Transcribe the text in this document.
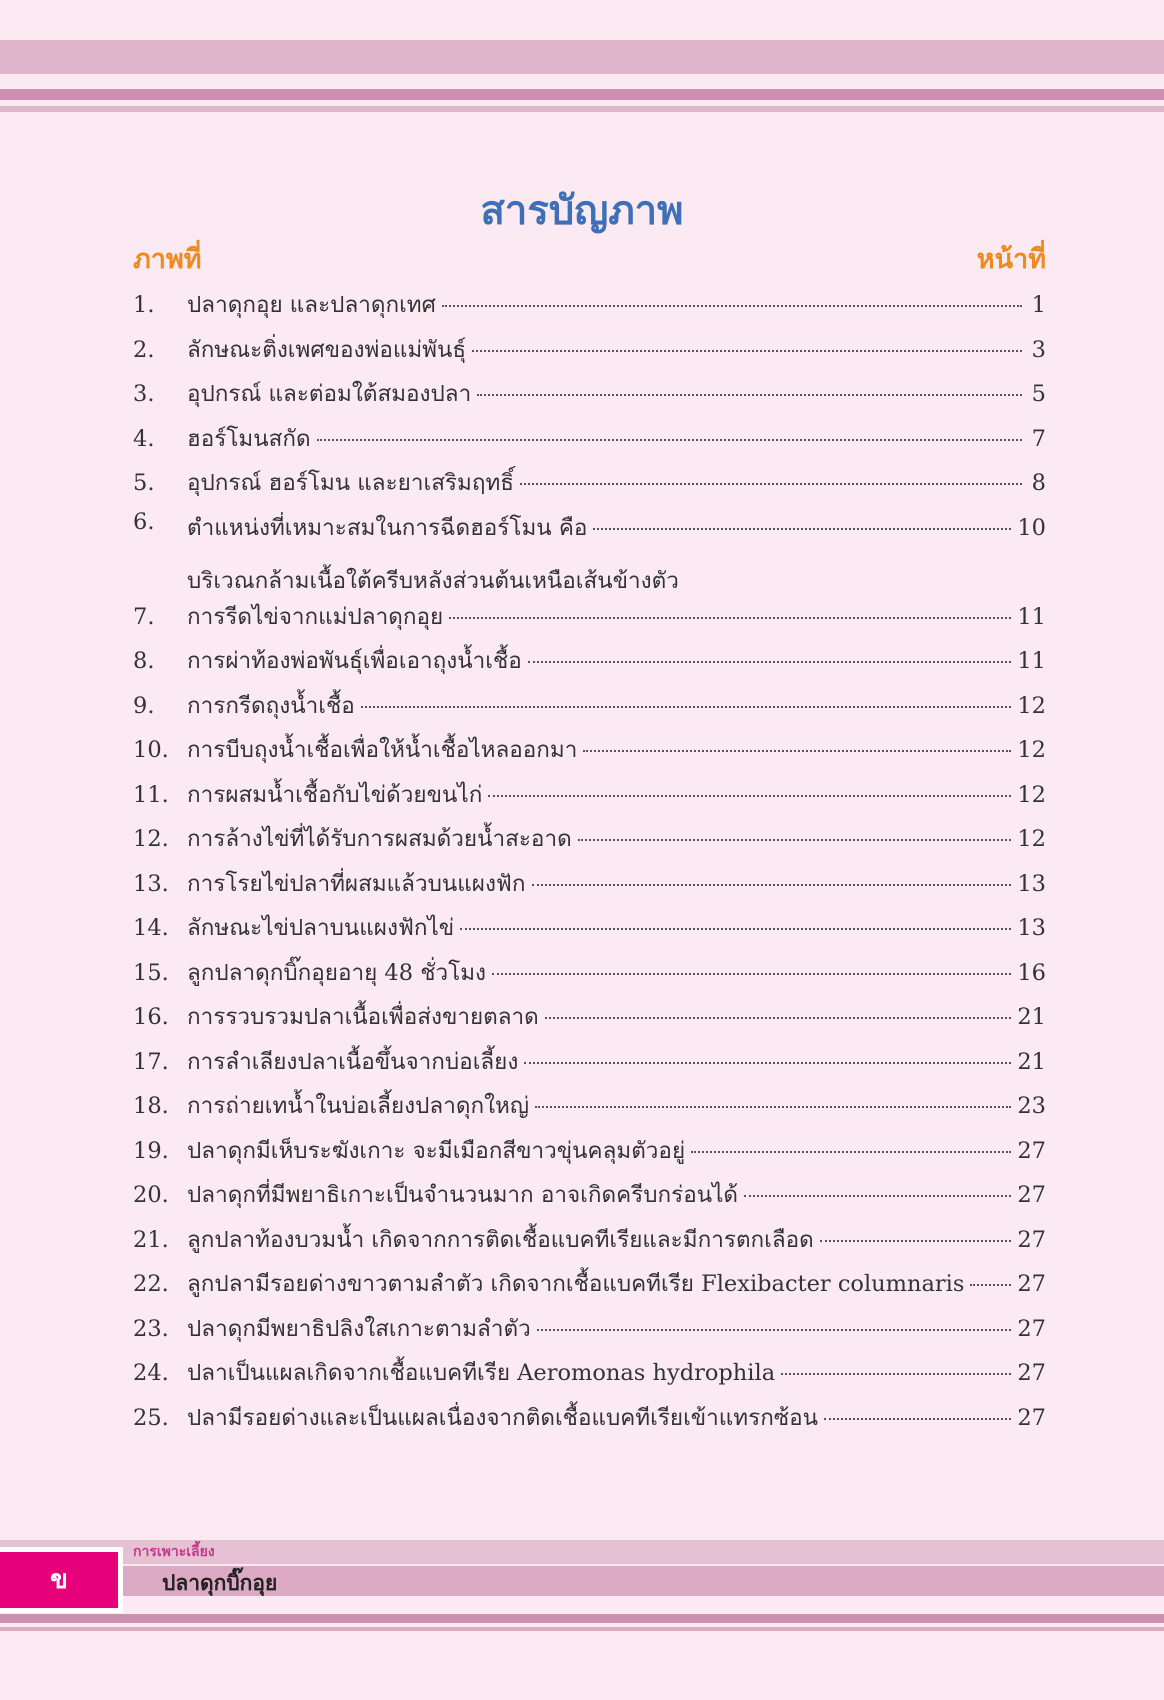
สารบัญภาพ
ภาพที่	หน้าที่
1.	ปลาดุกอุย และปลาดุกเทศ	1
2.	ลักษณะติ่งเพศของพ่อแม่พันธุ์	3
3.	อุปกรณ์ และต่อมใต้สมองปลา	5
4.	ฮอร์โมนสกัด	7
5.	อุปกรณ์ ฮอร์โมน และยาเสริมฤทธิ์	8
6.	ตำแหน่งที่เหมาะสมในการฉีดฮอร์โมน คือ	10
บริเวณกล้ามเนื้อใต้ครีบหลังส่วนต้นเหนือเส้นข้างตัว
7.	การรีดไข่จากแม่ปลาดุกอุย	11
8.	การผ่าท้องพ่อพันธุ์เพื่อเอาถุงน้ำเชื้อ	11
9.	การกรีดถุงน้ำเชื้อ	12
10. การบีบถุงน้ำเชื้อเพื่อให้น้ำเชื้อไหลออกมา	12
11. การผสมน้ำเชื้อกับไข่ด้วยขนไก่	12
12. การล้างไข่ที่ได้รับการผสมด้วยน้ำสะอาด	12
13. การโรยไข่ปลาที่ผสมแล้วบนแผงฟัก	13
14. ลักษณะไข่ปลาบนแผงฟักไข่	13
15. ลูกปลาดุกบิ๊กอุยอายุ 48 ชั่วโมง	16
16. การรวบรวมปลาเนื้อเพื่อส่งขายตลาด	21
17. การลำเลียงปลาเนื้อขึ้นจากบ่อเลี้ยง	21
18. การถ่ายเทน้ำในบ่อเลี้ยงปลาดุกใหญ่	23
19. ปลาดุกมีเห็บระฆังเกาะ จะมีเมือกสีขาวขุ่นคลุมตัวอยู่	27
20. ปลาดุกที่มีพยาธิเกาะเป็นจำนวนมาก อาจเกิดครีบกร่อนได้	27
21. ลูกปลาท้องบวมน้ำ เกิดจากการติดเชื้อแบคทีเรียและมีการตกเลือด	27
22. ลูกปลามีรอยด่างขาวตามลำตัว เกิดจากเชื้อแบคทีเรีย Flexibacter columnaris 27
23. ปลาดุกมีพยาธิปลิงใสเกาะตามลำตัว	27
24. ปลาเป็นแผลเกิดจากเชื้อแบคทีเรีย Aeromonas hydrophila	27
25. ปลามีรอยด่างและเป็นแผลเนื่องจากติดเชื้อแบคทีเรียเข้าแทรกซ้อน	27
ข
การเพาะเลี้ยง
ปลาดุกบิ๊กอุย
